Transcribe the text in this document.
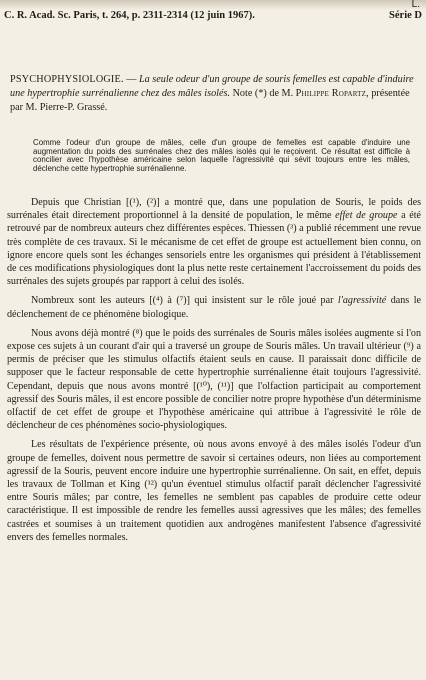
L.
C. R. Acad. Sc. Paris, t. 264, p. 2311-2314 (12 juin 1967).	Série D
PSYCHOPHYSIOLOGIE. — La seule odeur d'un groupe de souris femelles est capable d'induire une hypertrophie surrénalienne chez des mâles isolés. Note (*) de M. Philippe Ropartz, présentée par M. Pierre-P. Grassé.
Comme l'odeur d'un groupe de mâles, celle d'un groupe de femelles est capable d'induire une augmentation du poids des surrénales chez des mâles isolés qui le reçoivent. Ce résultat est difficile à concilier avec l'hypothèse américaine selon laquelle l'agressivité qui sévit toujours entre les mâles, déclenche cette hypertrophie surrénalienne.

Depuis que Christian [(¹), (²)] a montré que, dans une population de Souris, le poids des surrénales était directement proportionnel à la densité de population, le même effet de groupe a été retrouvé par de nombreux auteurs chez différentes espèces. Thiessen (³) a publié récemment une revue très complète de ces travaux. Si le mécanisme de cet effet de groupe est actuellement bien connu, on ignore encore quels sont les échanges sensoriels entre les organismes qui président à l'établissement de ces modifications physiologiques dont la plus nette reste certainement l'accroissement du poids des surrénales des sujets groupés par rapport à celui des isolés.

Nombreux sont les auteurs [(⁴) à (⁷)] qui insistent sur le rôle joué par l'agressivité dans le déclenchement de ce phénomène biologique.

Nous avons déjà montré (⁸) que le poids des surrénales de Souris mâles isolées augmente si l'on expose ces sujets à un courant d'air qui a traversé un groupe de Souris mâles. Un travail ultérieur (⁹) a permis de préciser que les stimulus olfactifs étaient seuls en cause. Il paraissait donc difficile de supposer que le facteur responsable de cette hypertrophie surrénalienne était toujours l'agressivité. Cependant, depuis que nous avons montré [(¹⁰), (¹¹)] que l'olfaction participait au comportement agressif des Souris mâles, il est encore possible de concilier notre propre hypothèse d'un déterminisme olfactif de cet effet de groupe et l'hypothèse américaine qui attribue à l'agressivité le rôle de déclencheur de ces phénomènes socio-physiologiques.

Les résultats de l'expérience présente, où nous avons envoyé à des mâles isolés l'odeur d'un groupe de femelles, doivent nous permettre de savoir si certaines odeurs, non liées au comportement agressif de la Souris, peuvent encore induire une hypertrophie surrénalienne. On sait, en effet, depuis les travaux de Tollman et King (¹²) qu'un éventuel stimulus olfactif paraît déclencher l'agressivité entre Souris mâles; par contre, les femelles ne semblent pas capables de produire cette odeur caractéristique. Il est impossible de rendre les femelles aussi agressives que les mâles; des femelles castrées et soumises à un traitement quotidien aux androgènes manifestent l'absence d'agressivité envers des femelles normales.
